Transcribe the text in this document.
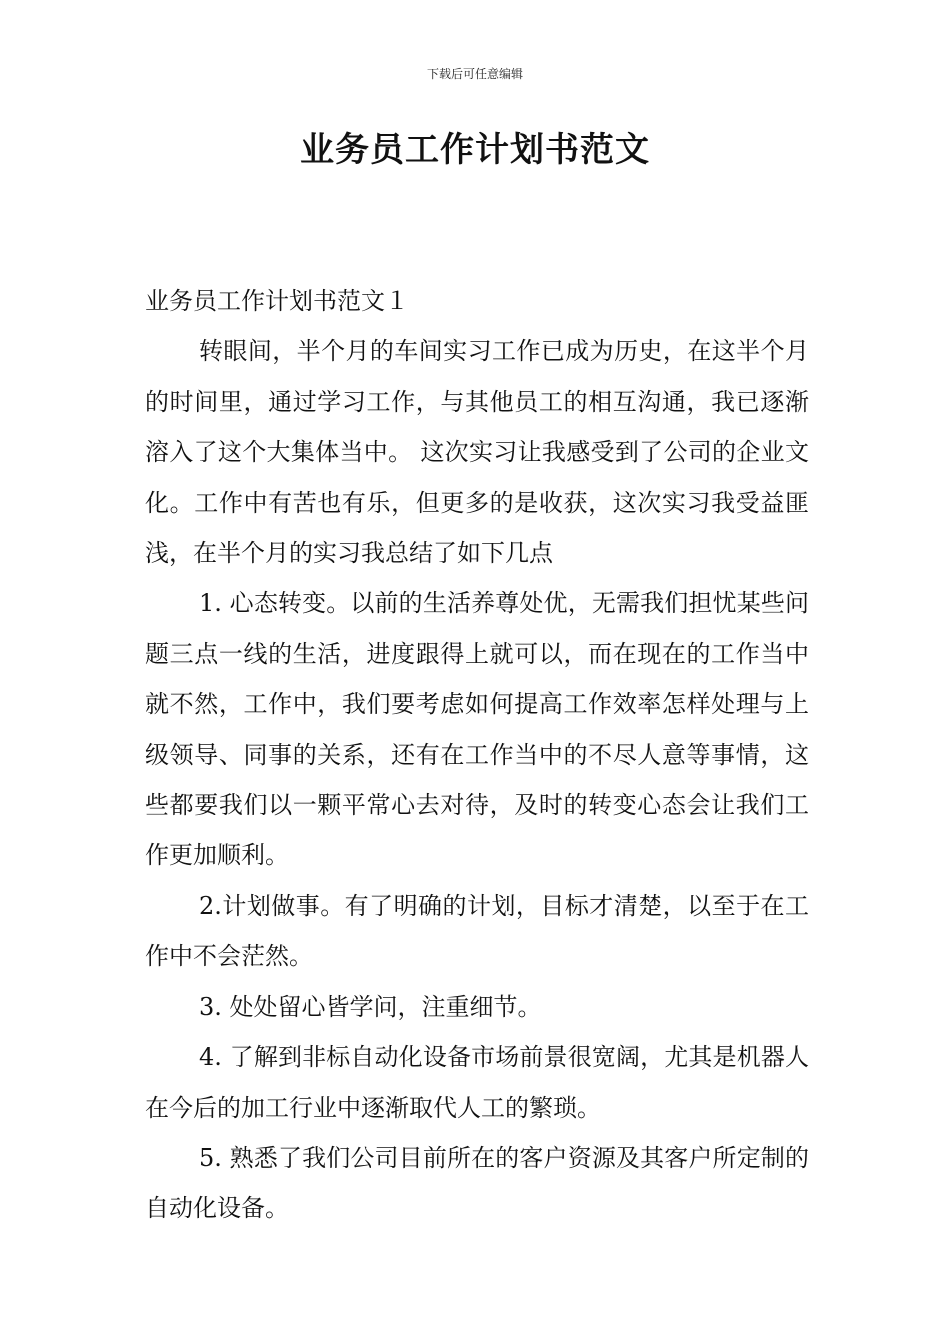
下载后可任意编辑
业务员工作计划书范文

业务员工作计划书范文１

转眼间，半个月的车间实习工作已成为历史，在这半个月的时间里，通过学习工作，与其他员工的相互沟通，我已逐渐溶入了这个大集体当中。 这次实习让我感受到了公司的企业文化。工作中有苦也有乐，但更多的是收获，这次实习我受益匪浅，在半个月的实习我总结了如下几点

1. 心态转变。以前的生活养尊处优，无需我们担忧某些问题三点一线的生活，进度跟得上就可以，而在现在的工作当中就不然，工作中，我们要考虑如何提高工作效率怎样处理与上级领导、同事的关系，还有在工作当中的不尽人意等事情，这些都要我们以一颗平常心去对待，及时的转变心态会让我们工作更加顺利。

2.计划做事。有了明确的计划，目标才清楚，以至于在工作中不会茫然。

3. 处处留心皆学问，注重细节。

4. 了解到非标自动化设备市场前景很宽阔，尤其是机器人在今后的加工行业中逐渐取代人工的繁琐。

5. 熟悉了我们公司目前所在的客户资源及其客户所定制的自动化设备。
